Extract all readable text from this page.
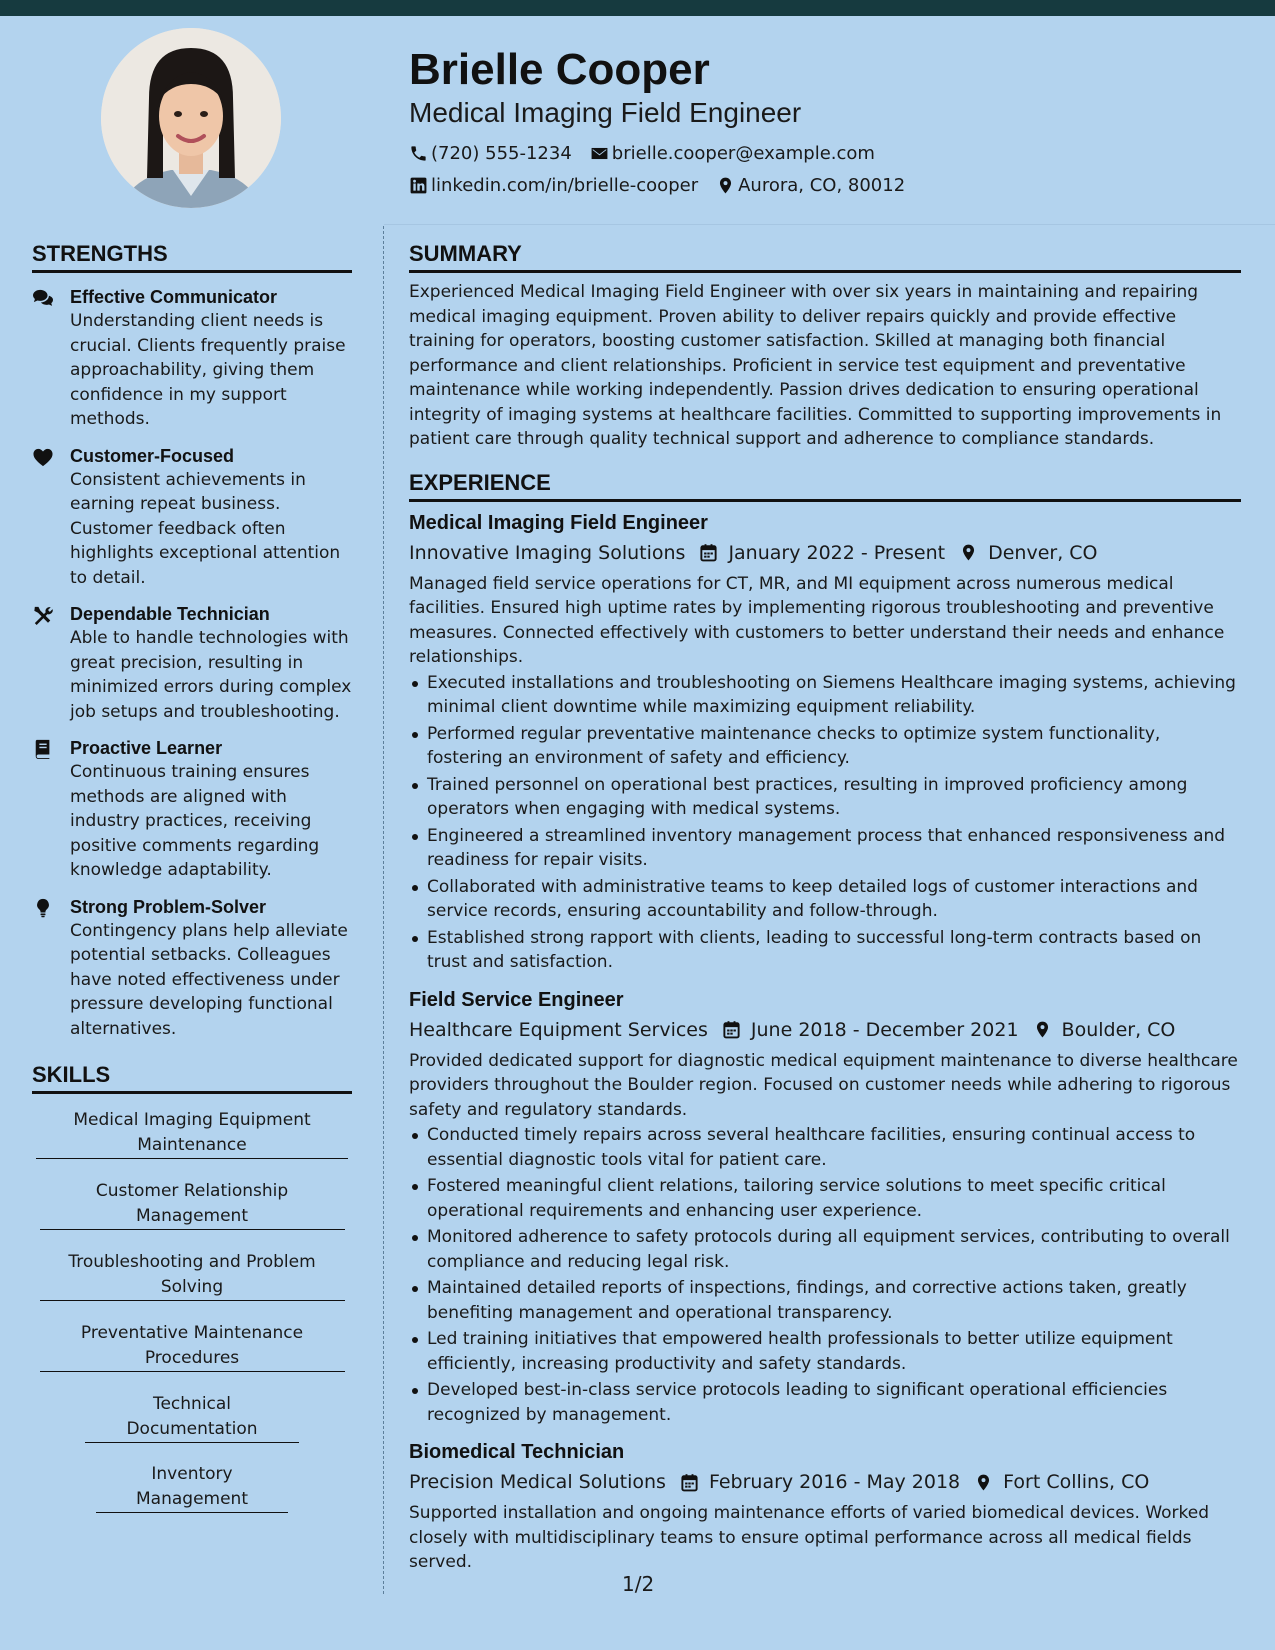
Brielle Cooper
Medical Imaging Field Engineer
(720) 555-1234 brielle.cooper@example.com
linkedin.com/in/brielle-cooper Aurora, CO, 80012
STRENGTHS
Effective Communicator
Understanding client needs is crucial. Clients frequently praise approachability, giving them confidence in my support methods.
Customer-Focused
Consistent achievements in earning repeat business. Customer feedback often highlights exceptional attention to detail.
Dependable Technician
Able to handle technologies with great precision, resulting in minimized errors during complex job setups and troubleshooting.
Proactive Learner
Continuous training ensures methods are aligned with industry practices, receiving positive comments regarding knowledge adaptability.
Strong Problem-Solver
Contingency plans help alleviate potential setbacks. Colleagues have noted effectiveness under pressure developing functional alternatives.
SKILLS
Medical Imaging Equipment Maintenance
Customer Relationship Management
Troubleshooting and Problem Solving
Preventative Maintenance Procedures
Technical Documentation
Inventory Management
SUMMARY
Experienced Medical Imaging Field Engineer with over six years in maintaining and repairing medical imaging equipment. Proven ability to deliver repairs quickly and provide effective training for operators, boosting customer satisfaction. Skilled at managing both financial performance and client relationships. Proficient in service test equipment and preventative maintenance while working independently. Passion drives dedication to ensuring operational integrity of imaging systems at healthcare facilities. Committed to supporting improvements in patient care through quality technical support and adherence to compliance standards.
EXPERIENCE
Medical Imaging Field Engineer
Innovative Imaging Solutions January 2022 - Present Denver, CO
Managed field service operations for CT, MR, and MI equipment across numerous medical facilities. Ensured high uptime rates by implementing rigorous troubleshooting and preventive measures. Connected effectively with customers to better understand their needs and enhance relationships.
Executed installations and troubleshooting on Siemens Healthcare imaging systems, achieving minimal client downtime while maximizing equipment reliability.
Performed regular preventative maintenance checks to optimize system functionality, fostering an environment of safety and efficiency.
Trained personnel on operational best practices, resulting in improved proficiency among operators when engaging with medical systems.
Engineered a streamlined inventory management process that enhanced responsiveness and readiness for repair visits.
Collaborated with administrative teams to keep detailed logs of customer interactions and service records, ensuring accountability and follow-through.
Established strong rapport with clients, leading to successful long-term contracts based on trust and satisfaction.
Field Service Engineer
Healthcare Equipment Services June 2018 - December 2021 Boulder, CO
Provided dedicated support for diagnostic medical equipment maintenance to diverse healthcare providers throughout the Boulder region. Focused on customer needs while adhering to rigorous safety and regulatory standards.
Conducted timely repairs across several healthcare facilities, ensuring continual access to essential diagnostic tools vital for patient care.
Fostered meaningful client relations, tailoring service solutions to meet specific critical operational requirements and enhancing user experience.
Monitored adherence to safety protocols during all equipment services, contributing to overall compliance and reducing legal risk.
Maintained detailed reports of inspections, findings, and corrective actions taken, greatly benefiting management and operational transparency.
Led training initiatives that empowered health professionals to better utilize equipment efficiently, increasing productivity and safety standards.
Developed best-in-class service protocols leading to significant operational efficiencies recognized by management.
Biomedical Technician
Precision Medical Solutions February 2016 - May 2018 Fort Collins, CO
Supported installation and ongoing maintenance efforts of varied biomedical devices. Worked closely with multidisciplinary teams to ensure optimal performance across all medical fields served.
1/2
